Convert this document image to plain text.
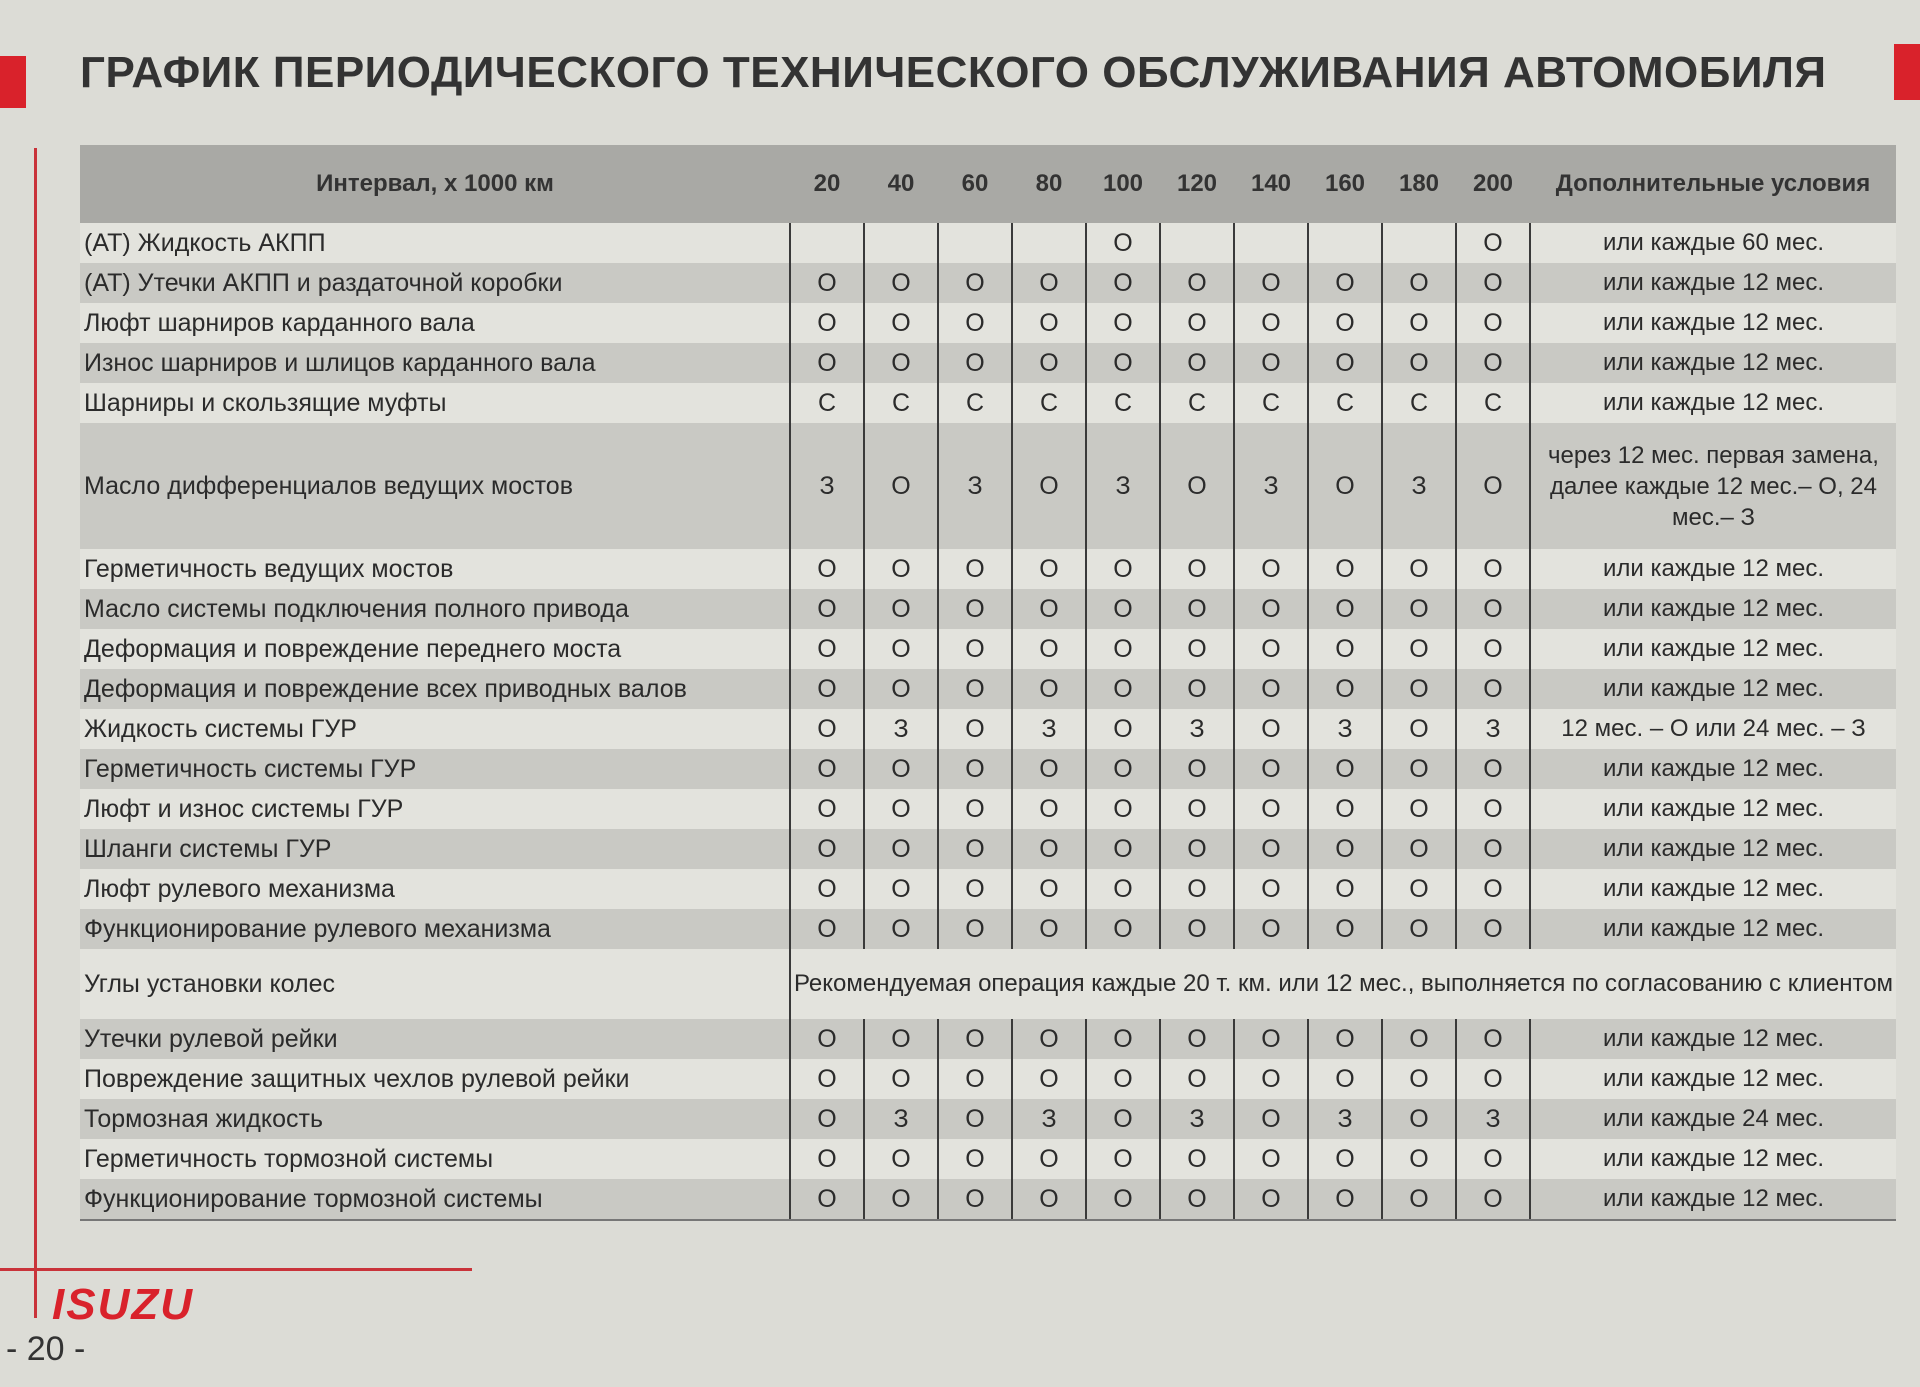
ГРАФИК ПЕРИОДИЧЕСКОГО ТЕХНИЧЕСКОГО ОБСЛУЖИВАНИЯ АВТОМОБИЛЯ
Интервал, х 1000 км	20	40	60	80	100	120	140	160	180	200	Дополнительные условия
(AT) Жидкость АКПП					О					О	или каждые 60 мес.
(AT) Утечки АКПП и раздаточной коробки	О	О	О	О	О	О	О	О	О	О	или каждые 12 мес.
Люфт шарниров карданного вала	О	О	О	О	О	О	О	О	О	О	или каждые 12 мес.
Износ шарниров и шлицов карданного вала	О	О	О	О	О	О	О	О	О	О	или каждые 12 мес.
Шарниры и скользящие муфты	С	С	С	С	С	С	С	С	С	С	или каждые 12 мес.
Масло дифференциалов ведущих мостов	З	О	З	О	З	О	З	О	З	О	через 12 мес. первая замена, далее каждые 12 мес.– О, 24 мес.– З
Герметичность ведущих мостов	О	О	О	О	О	О	О	О	О	О	или каждые 12 мес.
Масло системы подключения полного привода	О	О	О	О	О	О	О	О	О	О	или каждые 12 мес.
Деформация и повреждение переднего моста	О	О	О	О	О	О	О	О	О	О	или каждые 12 мес.
Деформация и повреждение всех приводных валов	О	О	О	О	О	О	О	О	О	О	или каждые 12 мес.
Жидкость системы ГУР	О	З	О	З	О	З	О	З	О	З	12 мес. – О или 24 мес. – З
Герметичность системы ГУР	О	О	О	О	О	О	О	О	О	О	или каждые 12 мес.
Люфт и износ системы ГУР	О	О	О	О	О	О	О	О	О	О	или каждые 12 мес.
Шланги системы ГУР	О	О	О	О	О	О	О	О	О	О	или каждые 12 мес.
Люфт рулевого механизма	О	О	О	О	О	О	О	О	О	О	или каждые 12 мес.
Функционирование рулевого механизма	О	О	О	О	О	О	О	О	О	О	или каждые 12 мес.
Углы установки колес	Рекомендуемая операция каждые 20 т. км. или 12 мес., выполняется по согласованию с клиентом										
Утечки рулевой рейки	О	О	О	О	О	О	О	О	О	О	или каждые 12 мес.
Повреждение защитных чехлов рулевой рейки	О	О	О	О	О	О	О	О	О	О	или каждые 12 мес.
Тормозная жидкость	О	З	О	З	О	З	О	З	О	З	или каждые 24 мес.
Герметичность тормозной системы	О	О	О	О	О	О	О	О	О	О	или каждые 12 мес.
Функционирование тормозной системы	О	О	О	О	О	О	О	О	О	О	или каждые 12 мес.
ISUZU
- 20 -
